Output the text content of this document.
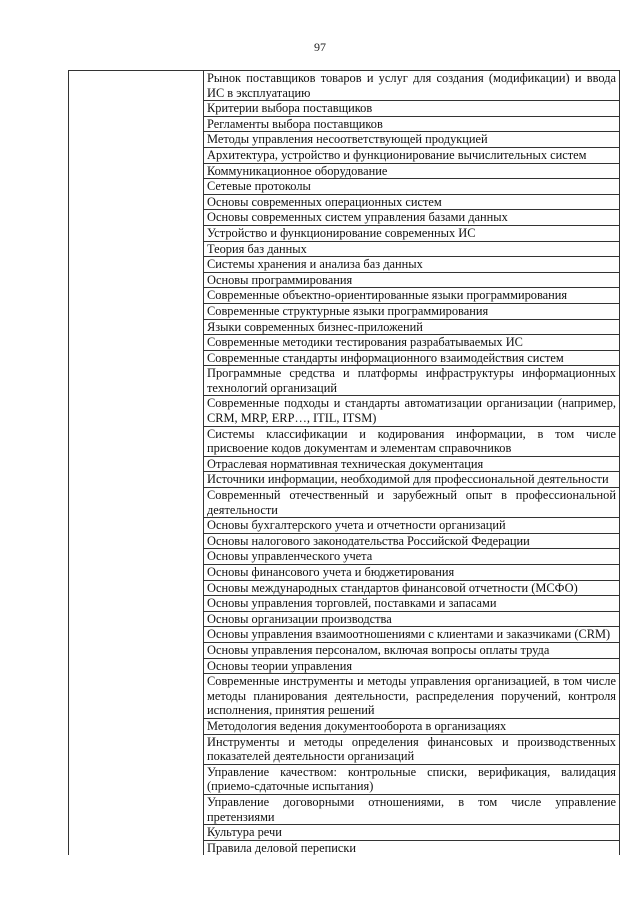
97
	Рынок поставщиков товаров и услуг для создания (модификации) и ввода ИС в эксплуатацию
Критерии выбора поставщиков
Регламенты выбора поставщиков
Методы управления несоответствующей продукцией
Архитектура, устройство и функционирование вычислительных систем
Коммуникационное оборудование
Сетевые протоколы
Основы современных операционных систем
Основы современных систем управления базами данных
Устройство и функционирование современных ИС
Теория баз данных
Системы хранения и анализа баз данных
Основы программирования
Современные объектно-ориентированные языки программирования
Современные структурные языки программирования
Языки современных бизнес-приложений
Современные методики тестирования разрабатываемых ИС
Современные стандарты информационного взаимодействия систем
Программные средства и платформы инфраструктуры информационных технологий организаций
Современные подходы и стандарты автоматизации организации (например, CRM, MRP, ERP…, ITIL, ITSM)
Системы классификации и кодирования информации, в том числе присвоение кодов документам и элементам справочников
Отраслевая нормативная техническая документация
Источники информации, необходимой для профессиональной деятельности
Современный отечественный и зарубежный опыт в профессиональной деятельности
Основы бухгалтерского учета и отчетности организаций
Основы налогового законодательства Российской Федерации
Основы управленческого учета
Основы финансового учета и бюджетирования
Основы международных стандартов финансовой отчетности (МСФО)
Основы управления торговлей, поставками и запасами
Основы организации производства
Основы управления взаимоотношениями с клиентами и заказчиками (CRM)
Основы управления персоналом, включая вопросы оплаты труда
Основы теории управления
Современные инструменты и методы управления организацией, в том числе методы планирования деятельности, распределения поручений, контроля исполнения, принятия решений
Методология ведения документооборота в организациях
Инструменты и методы определения финансовых и производственных показателей деятельности организаций
Управление качеством: контрольные списки, верификация, валидация (приемо-сдаточные испытания)
Управление договорными отношениями, в том числе управление претензиями
Культура речи
Правила деловой переписки
